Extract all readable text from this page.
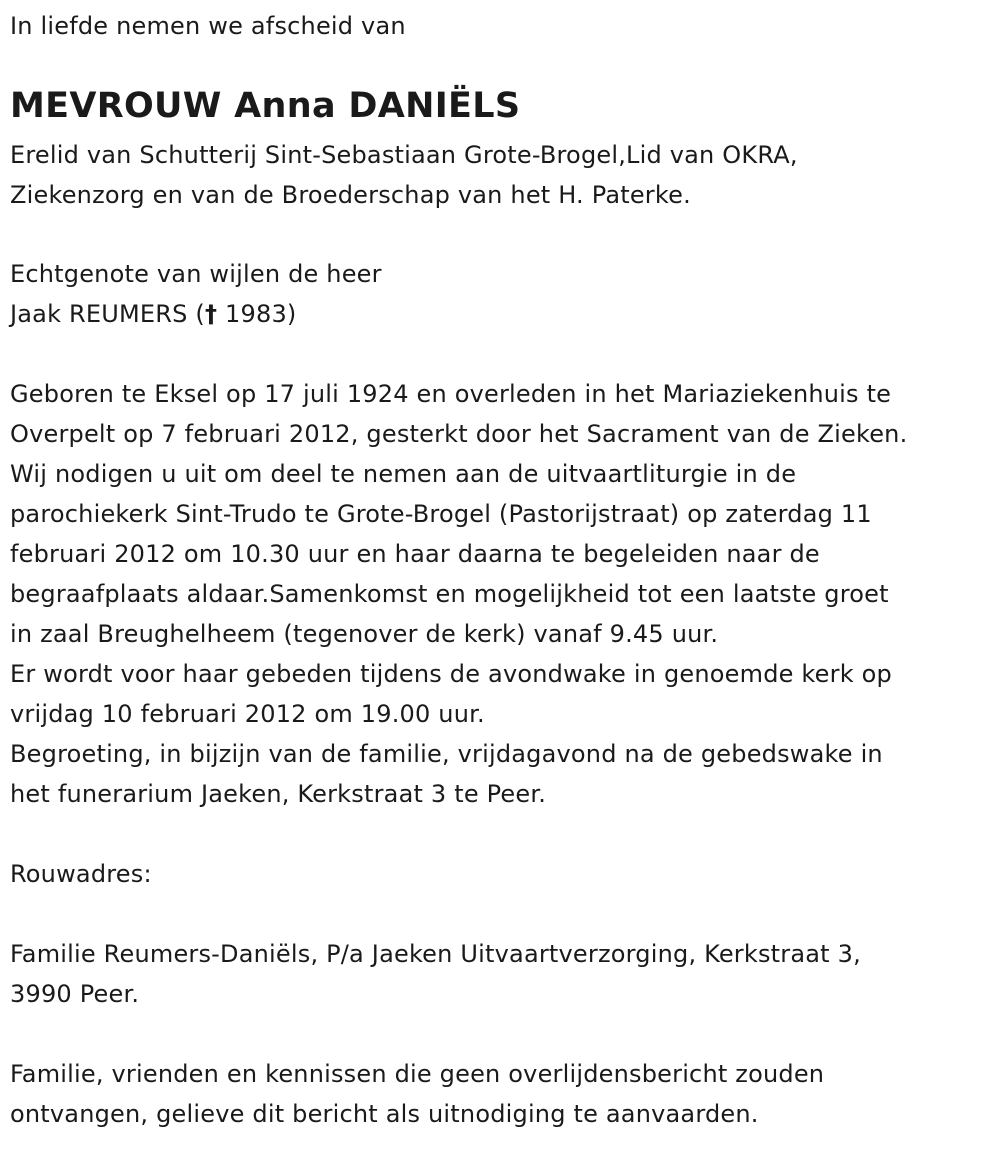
In liefde nemen we afscheid van
MEVROUW Anna DANIËLS
Erelid van Schutterij Sint-Sebastiaan Grote-Brogel,Lid van OKRA,
Ziekenzorg en van de Broederschap van het H. Paterke.
Echtgenote van wijlen de heer
Jaak REUMERS († 1983)
Geboren te Eksel op 17 juli 1924 en overleden in het Mariaziekenhuis te
Overpelt op 7 februari 2012, gesterkt door het Sacrament van de Zieken.
Wij nodigen u uit om deel te nemen aan de uitvaartliturgie in de
parochiekerk Sint-Trudo te Grote-Brogel (Pastorijstraat) op zaterdag 11
februari 2012 om 10.30 uur en haar daarna te begeleiden naar de
begraafplaats aldaar.Samenkomst en mogelijkheid tot een laatste groet
in zaal Breughelheem (tegenover de kerk) vanaf 9.45 uur.
Er wordt voor haar gebeden tijdens de avondwake in genoemde kerk op
vrijdag 10 februari 2012 om 19.00 uur.
Begroeting, in bijzijn van de familie, vrijdagavond na de gebedswake in
het funerarium Jaeken, Kerkstraat 3 te Peer.
Rouwadres:
Familie Reumers-Daniëls, P/a Jaeken Uitvaartverzorging, Kerkstraat 3,
3990 Peer.
Familie, vrienden en kennissen die geen overlijdensbericht zouden
ontvangen, gelieve dit bericht als uitnodiging te aanvaarden.
